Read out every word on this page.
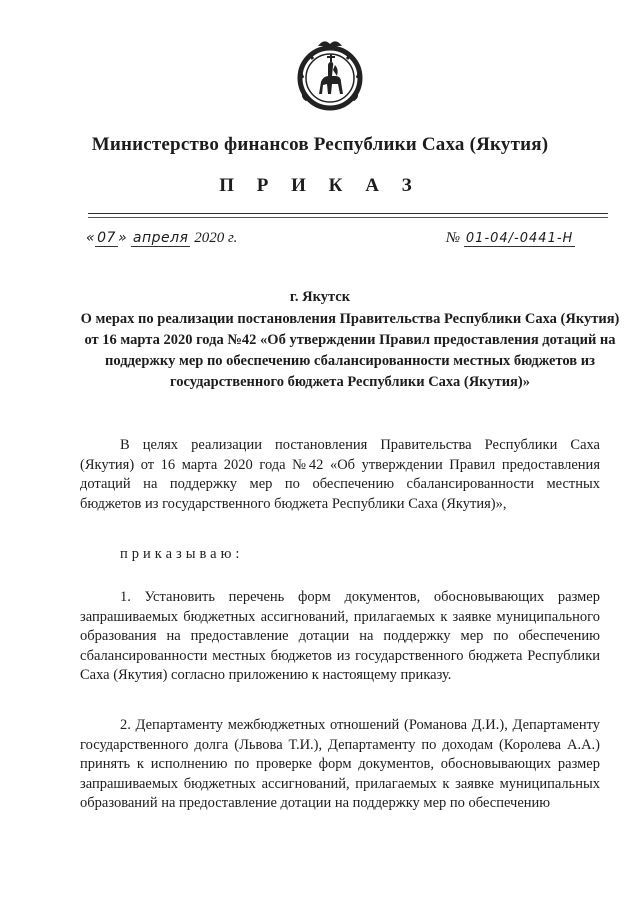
Министерство финансов Республики Саха (Якутия)
П Р И К А З
« 07 » апреля 2020 г.	№ 01-04/-0441-Н
г. Якутск
О мерах по реализации постановления Правительства Республики Саха (Якутия) от 16 марта 2020 года №42 «Об утверждении Правил предоставления дотаций на поддержку мер по обеспечению сбалансированности местных бюджетов из государственного бюджета Республики Саха (Якутия)»
В целях реализации постановления Правительства Республики Саха (Якутия) от 16 марта 2020 года №42 «Об утверждении Правил предоставления дотаций на поддержку мер по обеспечению сбалансированности местных бюджетов из государственного бюджета Республики Саха (Якутия)»,
приказываю:
1. Установить перечень форм документов, обосновывающих размер запрашиваемых бюджетных ассигнований, прилагаемых к заявке муниципального образования на предоставление дотации на поддержку мер по обеспечению сбалансированности местных бюджетов из государственного бюджета Республики Саха (Якутия) согласно приложению к настоящему приказу.
2. Департаменту межбюджетных отношений (Романова Д.И.), Департаменту государственного долга (Львова Т.И.), Департаменту по доходам (Королева А.А.) принять к исполнению по проверке форм документов, обосновывающих размер запрашиваемых бюджетных ассигнований, прилагаемых к заявке муниципальных образований на предоставление дотации на поддержку мер по обеспечению
